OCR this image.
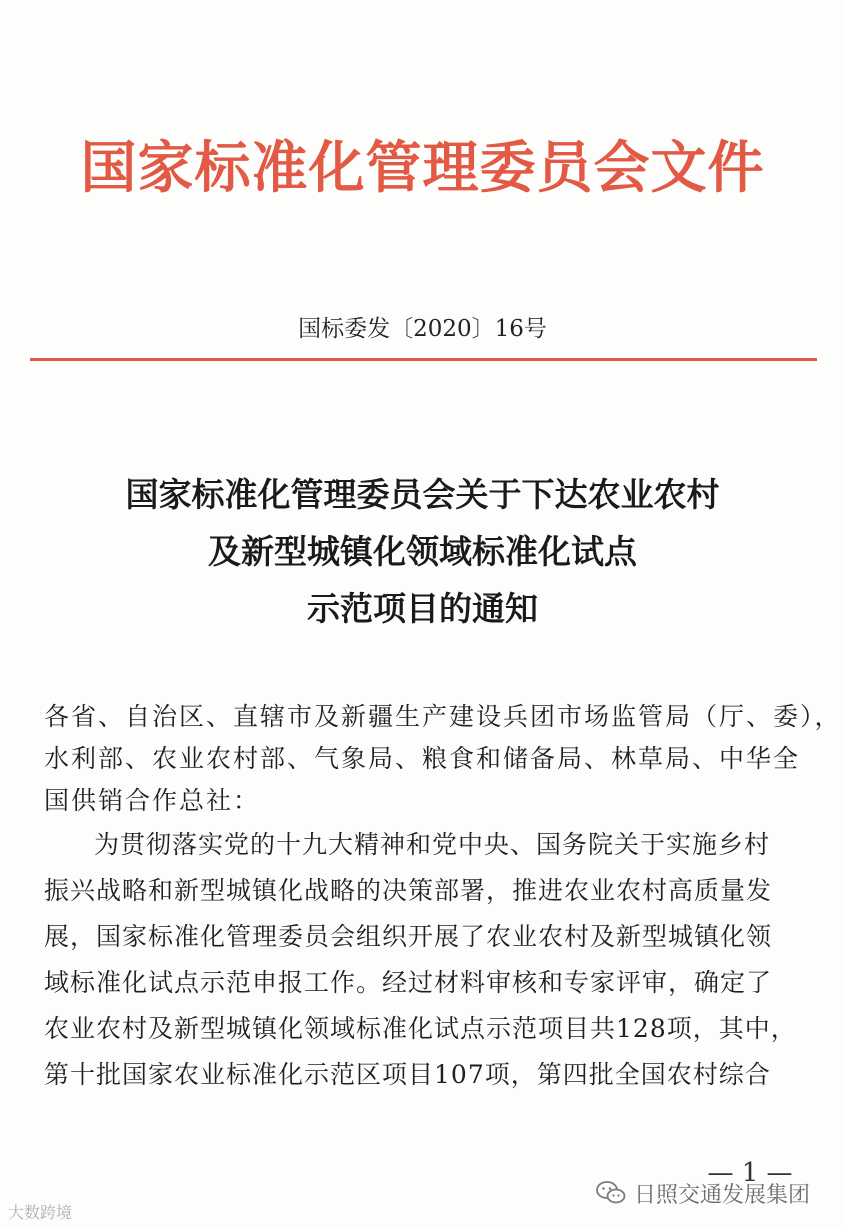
国家标准化管理委员会文件
国标委发〔2020〕16号
国家标准化管理委员会关于下达农业农村
及新型城镇化领域标准化试点
示范项目的通知
各省、自治区、直辖市及新疆生产建设兵团市场监管局（厅、委），
水利部、农业农村部、气象局、粮食和储备局、林草局、中华全
国供销合作总社：
为贯彻落实党的十九大精神和党中央、国务院关于实施乡村
振兴战略和新型城镇化战略的决策部署，推进农业农村高质量发
展，国家标准化管理委员会组织开展了农业农村及新型城镇化领
域标准化试点示范申报工作。经过材料审核和专家评审，确定了
农业农村及新型城镇化领域标准化试点示范项目共128项，其中，
第十批国家农业标准化示范区项目107项，第四批全国农村综合
— 1 —
大数跨境
日照交通发展集团
